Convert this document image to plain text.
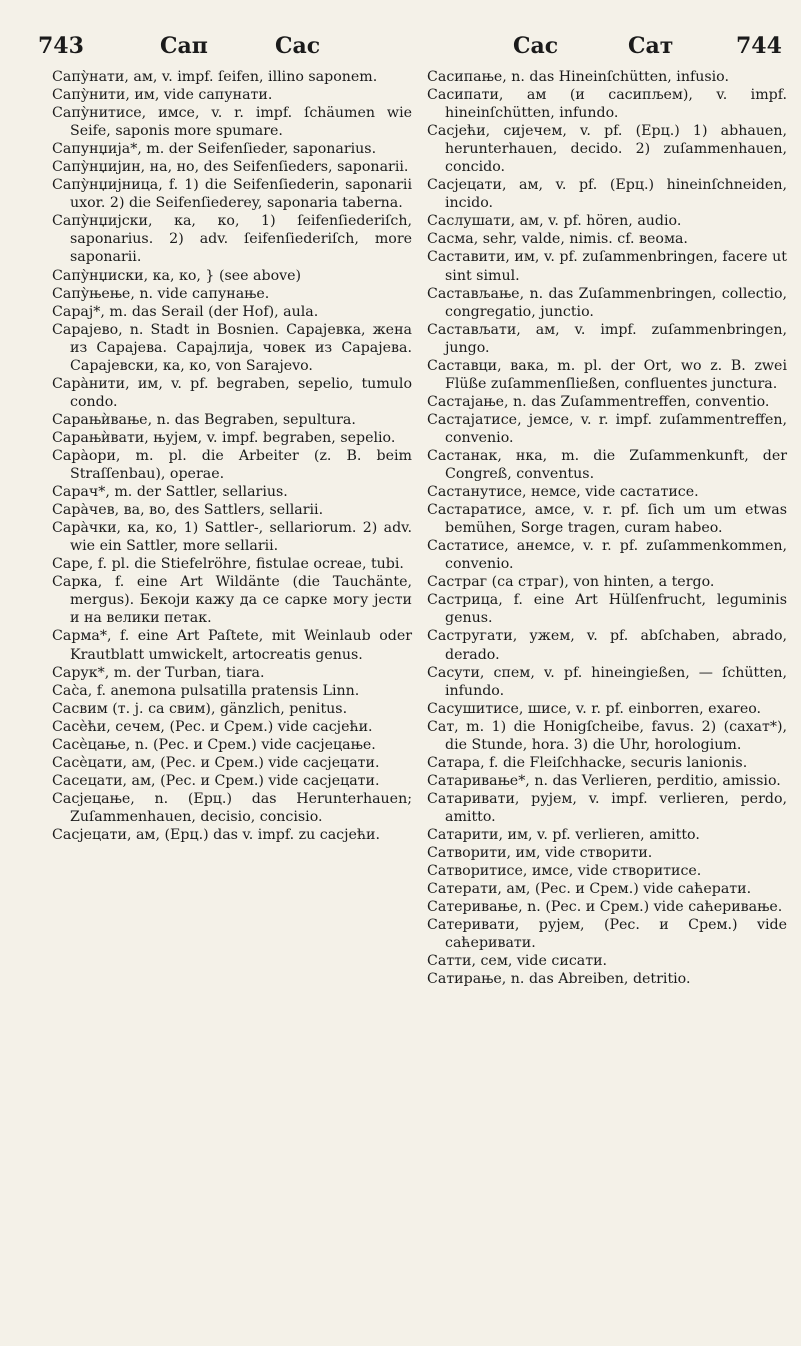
743	Сап	Сас	Сас	Сат	744

Сапу̀нати, ам, v. impf. ſeifen, illino saponem.

Сапу̀нити, им, vide сапунати.

Сапу̀нитисе, имсе, v. r. impf. ſchäumen wie Seife, saponis more spumare.

Сапунџија*, m. der Seifenſieder, saponarius.

Сапу̀нџијин, на, но, des Seifenſieders, saponarii.

Сапу̀нџијница, f. 1) die Seifenſiederin, saponarii uxor. 2) die Seifenſiederey, saponaria taberna.

Сапу̀нџијски, ка, ко, 1) ſeifenſiederiſch, saponarius. 2) adv. ſeifenſiederiſch, more saponarii.

Сапу̀нџиски, ка, ко, } (see above)

Сапу̀њење, n. vide сапунање.

Сарај*, m. das Serail (der Hof), aula.

Сарајево, n. Stadt in Bosnien. Сарајевка, жена из Сарајева. Сарајлија, човек из Сарајева. Сарајевски, ка, ко, von Sarajevo.

Сара̀нити, им, v. pf. begraben, sepelio, tumulo condo.

Сарањѝвање, n. das Begraben, sepultura.

Сарањѝвати, њујем, v. impf. begraben, sepelio.

Сара̀ори, m. pl. die Arbeiter (z. B. beim Straſſenbau), operae.

Сарач*, m. der Sattler, sellarius.

Сара̀чев, ва, во, des Sattlers, sellarii.

Сара̀чки, ка, ко, 1) Sattler-, sellariorum. 2) adv. wie ein Sattler, more sellarii.

Саре, f. pl. die Stiefelröhre, fistulae ocreae, tubi.

Сарка, f. eine Art Wildänte (die Tauchänte, mergus). Бекоји кажу да се сарке могу јести и на велики петак.

Сарма*, f. eine Art Paſtete, mit Weinlaub oder Krautblatt umwickelt, artocreatis genus.

Сарук*, m. der Turban, tiara.

Сас̀а, f. anemona pulsatilla pratensis Linn.

Сасвим (т. ј. са свим), gänzlich, penitus.

Сасѐћи, сечем, (Рес. и Срем.) vide сасјећи.

Сасѐцање, n. (Рес. и Срем.) vide сасјецање.

Сасѐцати, ам, (Рес. и Срем.) vide сасјецати.

Сасецати, ам, (Рес. и Срем.) vide сасјецати.

Сасјецање, n. (Ерц.) das Herunterhauen; Zuſammenhauen, decisio, concisio.

Сасјецати, ам, (Ерц.) das v. impf. zu сасјећи.

Сасипање, n. das Hineinſchütten, infusio.

Сасипати, ам (и сасипљем), v. impf. hineinſchütten, infundo.

Сасјећи, сијечем, v. pf. (Ерц.) 1) abhauen, herunterhauen, decido. 2) zuſammenhauen, concido.

Сасјецати, ам, v. pf. (Ерц.) hineinſchneiden, incido.

Саслушати, ам, v. pf. hören, audio.

Сасма, sehr, valde, nimis. cf. веома.

Саставити, им, v. pf. zuſammenbringen, facere ut sint simul.

Састављање, n. das Zuſammenbringen, collectio, congregatio, junctio.

Састављати, ам, v. impf. zuſammenbringen, jungo.

Саставци, вака, m. pl. der Ort, wo z. B. zwei Flüße zuſammenſließen, confluentes junctura.

Састајање, n. das Zuſammentreffen, conventio.

Састајатисе, јемсе, v. r. impf. zuſammentreffen, convenio.

Састанак, нка, m. die Zuſammenkunft, der Congreß, conventus.

Састанутисе, немсе, vide састатисе.

Састаратисе, амсе, v. r. pf. ſich um um etwas bemühen, Sorge tragen, curam habeo.

Састатисе, анемсе, v. r. pf. zuſammenkommen, convenio.

Састраг (са страг), von hinten, a tergo.

Састрица, f. eine Art Hülſenfrucht, leguminis genus.

Састругати, ужем, v. pf. abſchaben, abrado, derado.

Сасути, спем, v. pf. hineingießen, — ſchütten, infundo.

Сасушитисе, шисе, v. r. pf. einborren, exareo.

Сат, m. 1) die Honigſcheibe, favus. 2) (сахат*), die Stunde, hora. 3) die Uhr, horologium.

Сатара, f. die Fleiſchhacke, securis lanionis.

Сатаривање*, n. das Verlieren, perditio, amissio.

Сатаривати, рујем, v. impf. verlieren, perdo, amitto.

Сатарити, им, v. pf. verlieren, amitto.

Сатворити, им, vide створити.

Сатворитисе, имсе, vide створитисе.

Сатерати, ам, (Рес. и Срем.) vide саћерати.

Сатеривање, n. (Рес. и Срем.) vide саћеривање.

Сатеривати, рујем, (Рес. и Срем.) vide саћеривати.

Сатти, сем, vide сисати.

Сатирање, n. das Abreiben, detritio.
